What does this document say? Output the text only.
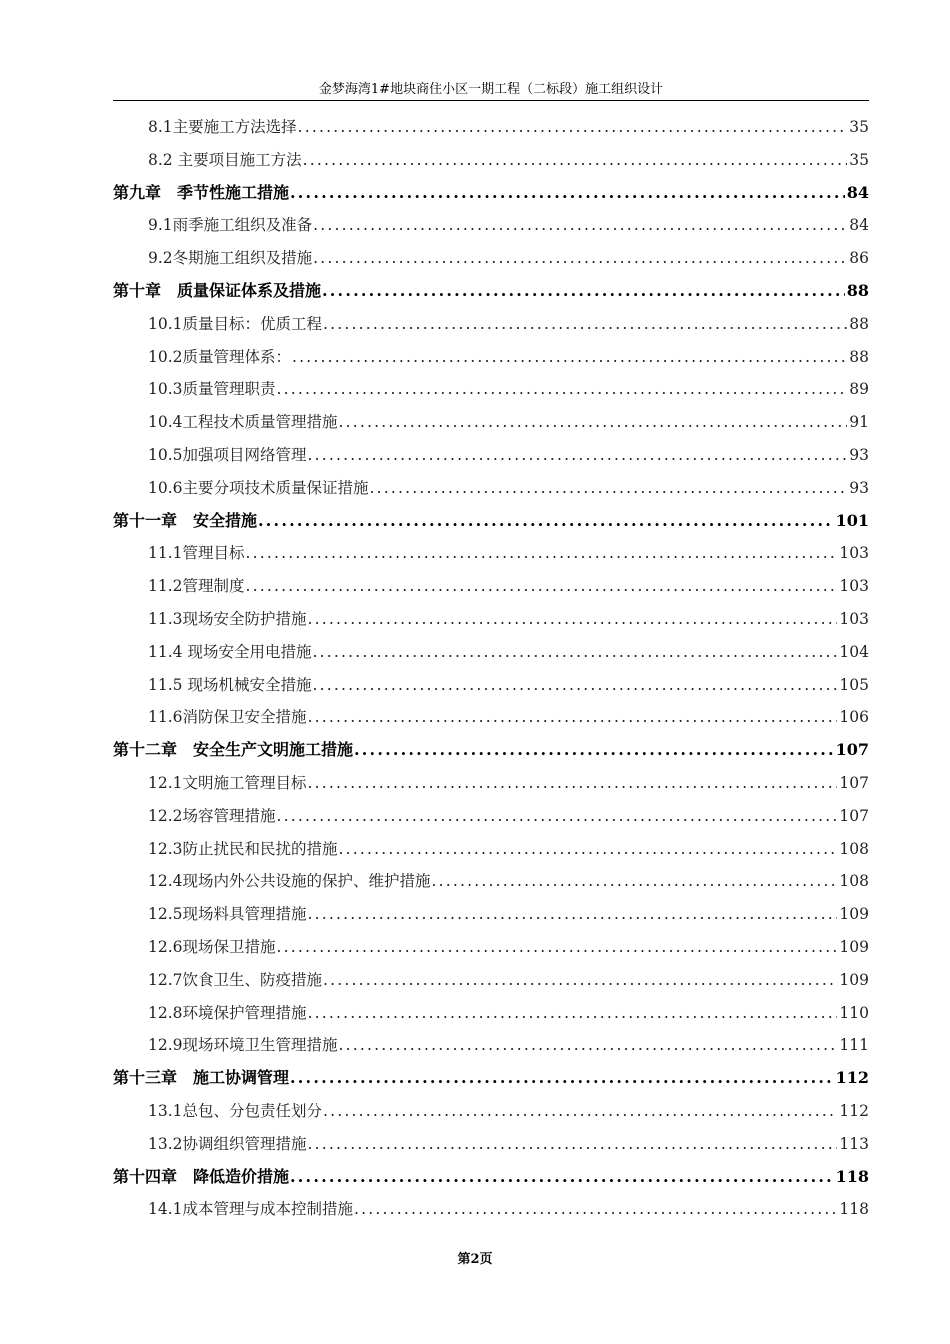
金梦海湾1#地块商住小区一期工程（二标段）施工组织设计
8.1主要施工方法选择 .....	35
8.2 主要项目施工方法 .....	35
第九章　季节性施工措施 .....	84
9.1雨季施工组织及准备 .....	84
9.2冬期施工组织及措施 .....	86
第十章　质量保证体系及措施 .....	88
10.1质量目标：优质工程 .....	88
10.2质量管理体系： .....	88
10.3质量管理职责 .....	89
10.4工程技术质量管理措施 .....	91
10.5加强项目网络管理 .....	93
10.6主要分项技术质量保证措施 .....	93
第十一章　安全措施 .....	101
11.1管理目标 .....	103
11.2管理制度 .....	103
11.3现场安全防护措施 .....	103
11.4 现场安全用电措施 .....	104
11.5 现场机械安全措施 .....	105
11.6消防保卫安全措施 .....	106
第十二章　安全生产文明施工措施 .....	107
12.1文明施工管理目标 .....	107
12.2场容管理措施 .....	107
12.3防止扰民和民扰的措施 .....	108
12.4现场内外公共设施的保护、维护措施 .....	108
12.5现场料具管理措施 .....	109
12.6现场保卫措施 .....	109
12.7饮食卫生、防疫措施 .....	109
12.8环境保护管理措施 .....	110
12.9现场环境卫生管理措施 .....	111
第十三章　施工协调管理 .....	112
13.1总包、分包责任划分 .....	112
13.2协调组织管理措施 .....	113
第十四章　降低造价措施 .....	118
14.1成本管理与成本控制措施 .....	118
第2页
